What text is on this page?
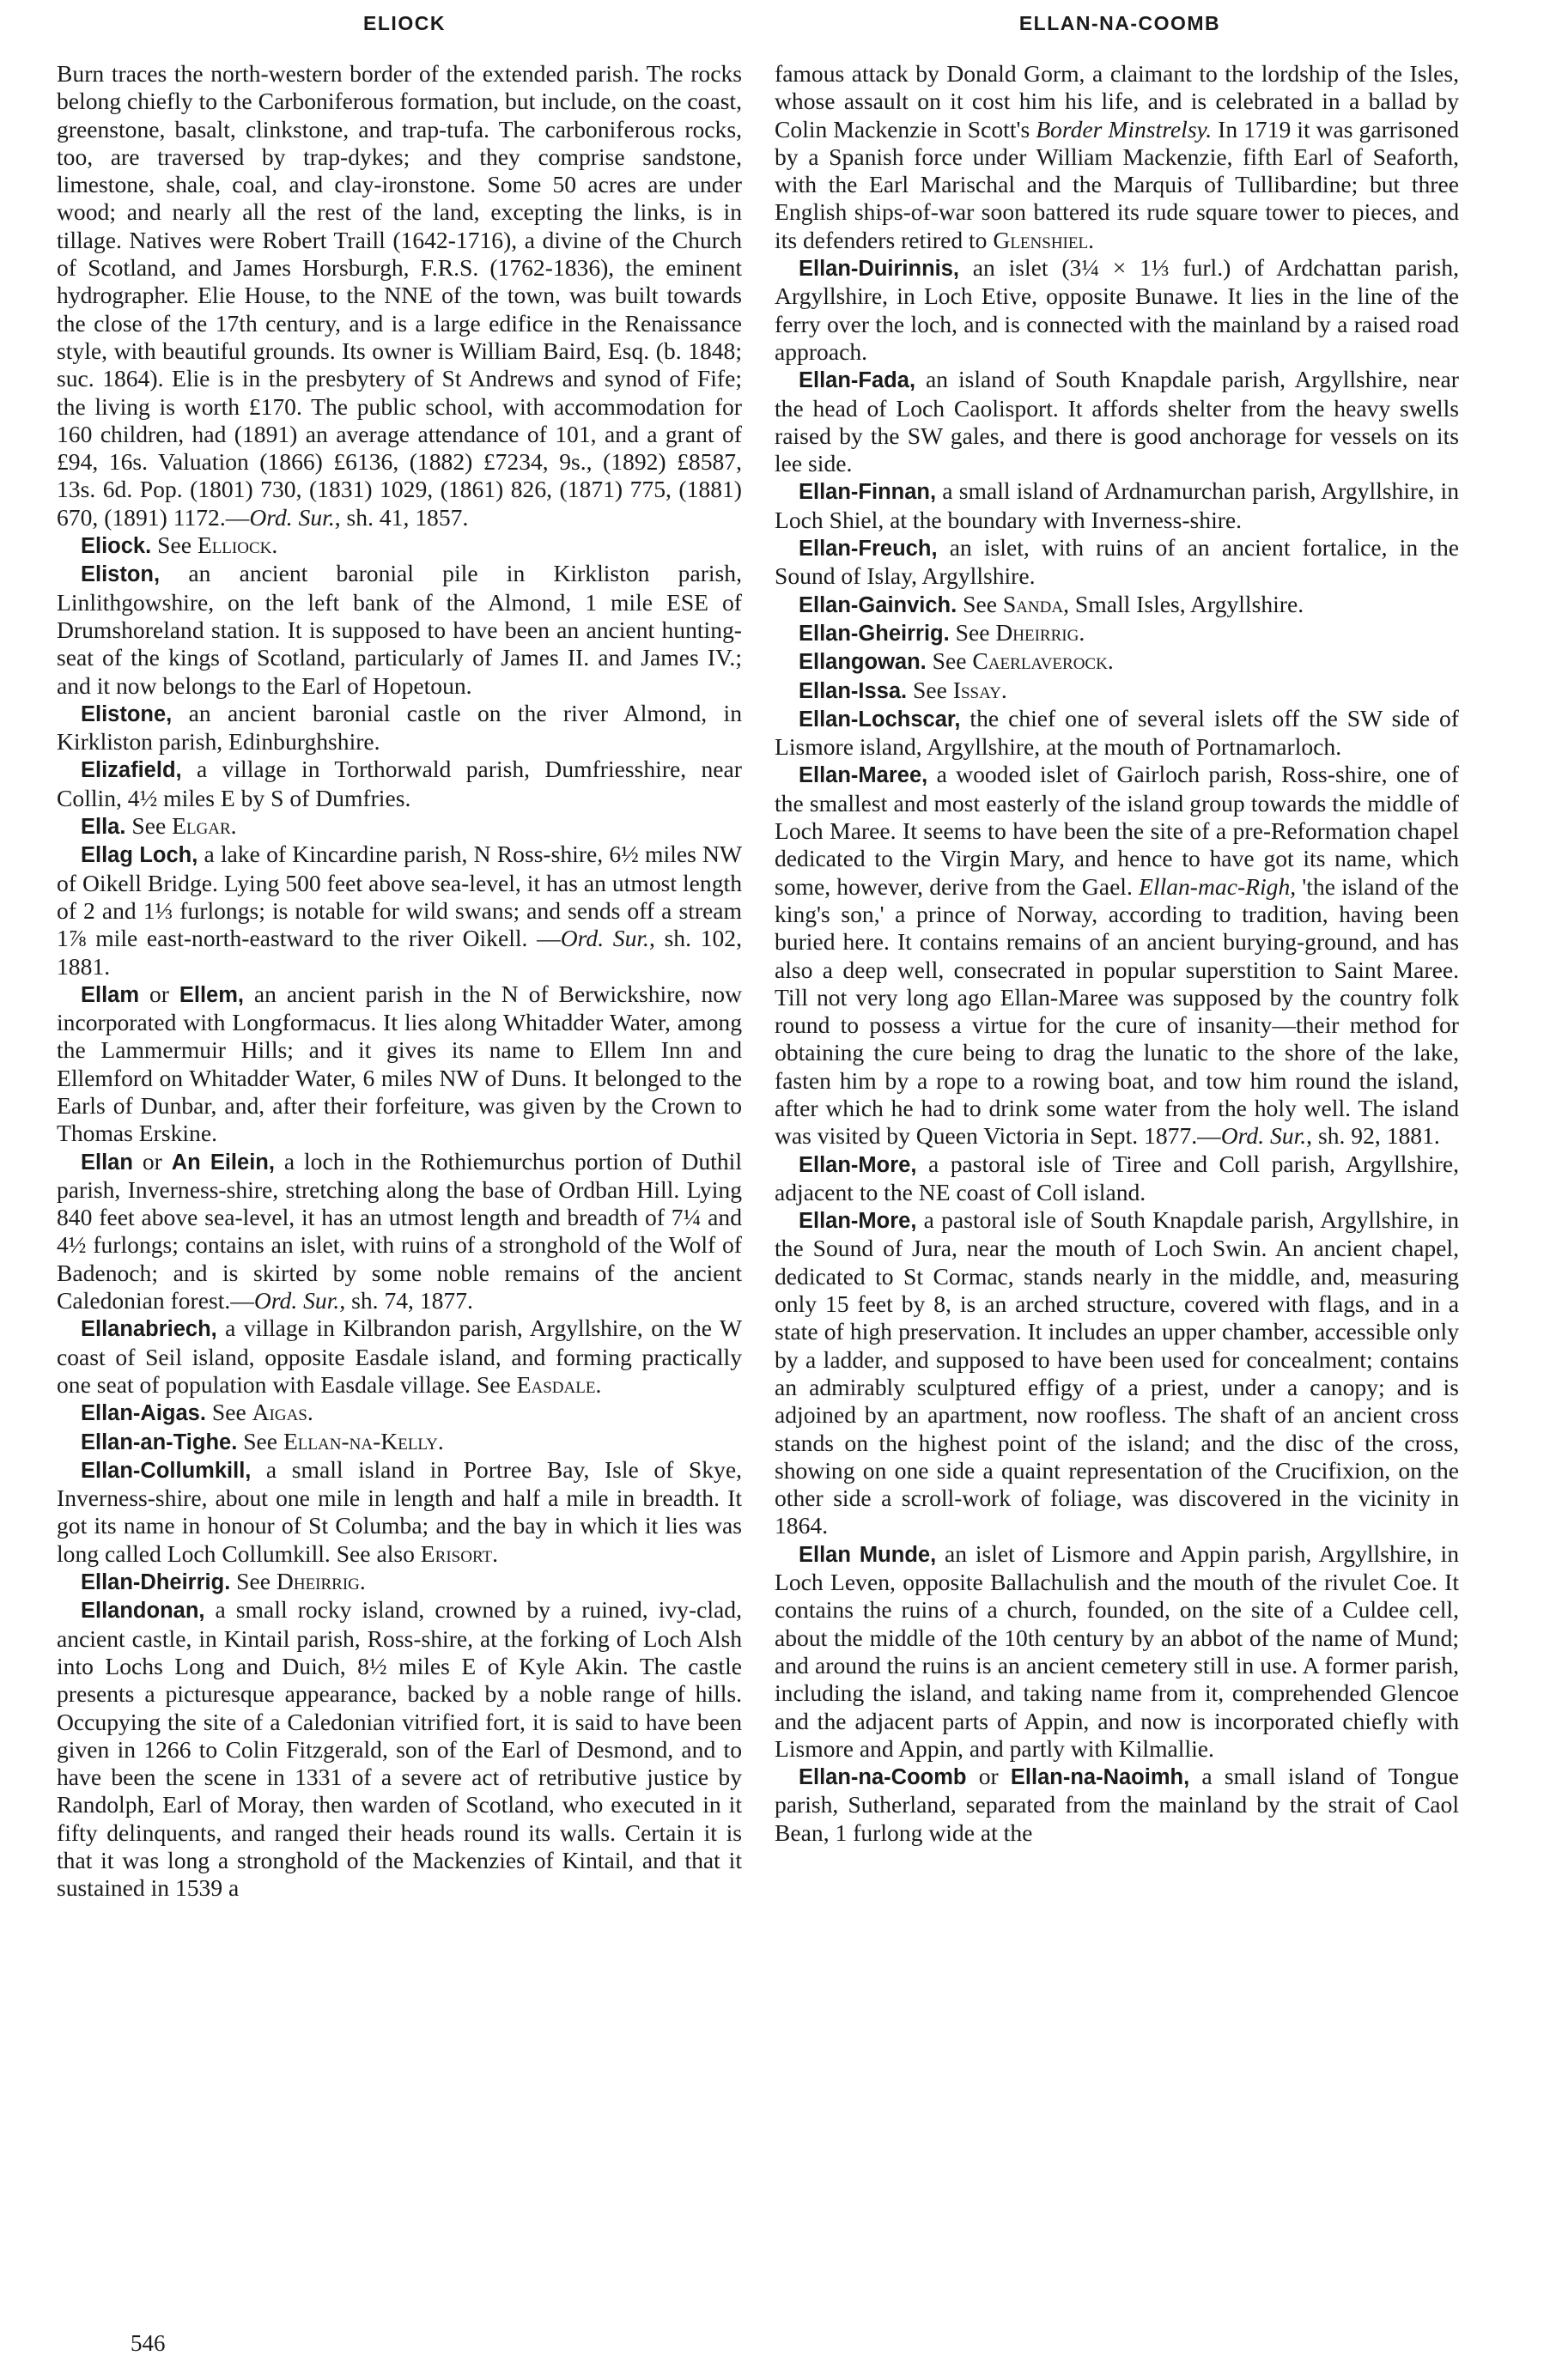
ELIOCK	ELLAN-NA-COOMB

Burn traces the north-western border of the extended parish. The rocks belong chiefly to the Carboniferous formation, but include, on the coast, greenstone, basalt, clinkstone, and trap-tufa. The carboniferous rocks, too, are traversed by trap-dykes; and they comprise sandstone, limestone, shale, coal, and clay-ironstone. Some 50 acres are under wood; and nearly all the rest of the land, excepting the links, is in tillage. Natives were Robert Traill (1642-1716), a divine of the Church of Scotland, and James Horsburgh, F.R.S. (1762-1836), the eminent hydrographer. Elie House, to the NNE of the town, was built towards the close of the 17th century, and is a large edifice in the Renaissance style, with beautiful grounds. Its owner is William Baird, Esq. (b. 1848; suc. 1864). Elie is in the presbytery of St Andrews and synod of Fife; the living is worth £170. The public school, with accommodation for 160 children, had (1891) an average attendance of 101, and a grant of £94, 16s. Valuation (1866) £6136, (1882) £7234, 9s., (1892) £8587, 13s. 6d. Pop. (1801) 730, (1831) 1029, (1861) 826, (1871) 775, (1881) 670, (1891) 1172.—Ord. Sur., sh. 41, 1857.

Eliock. See Elliock.

Eliston, an ancient baronial pile in Kirkliston parish, Linlithgowshire, on the left bank of the Almond, 1 mile ESE of Drumshoreland station. It is supposed to have been an ancient hunting-seat of the kings of Scotland, particularly of James II. and James IV.; and it now belongs to the Earl of Hopetoun.

Elistone, an ancient baronial castle on the river Almond, in Kirkliston parish, Edinburghshire.

Elizafield, a village in Torthorwald parish, Dumfriesshire, near Collin, 4½ miles E by S of Dumfries.

Ella. See Elgar.

Ellag Loch, a lake of Kincardine parish, N Ross-shire, 6½ miles NW of Oikell Bridge. Lying 500 feet above sea-level, it has an utmost length of 2 and 1⅓ furlongs; is notable for wild swans; and sends off a stream 1⅞ mile east-north-eastward to the river Oikell. —Ord. Sur., sh. 102, 1881.

Ellam or Ellem, an ancient parish in the N of Berwickshire, now incorporated with Longformacus. It lies along Whitadder Water, among the Lammermuir Hills; and it gives its name to Ellem Inn and Ellemford on Whitadder Water, 6 miles NW of Duns. It belonged to the Earls of Dunbar, and, after their forfeiture, was given by the Crown to Thomas Erskine.

Ellan or An Eilein, a loch in the Rothiemurchus portion of Duthil parish, Inverness-shire, stretching along the base of Ordban Hill. Lying 840 feet above sea-level, it has an utmost length and breadth of 7¼ and 4½ furlongs; contains an islet, with ruins of a stronghold of the Wolf of Badenoch; and is skirted by some noble remains of the ancient Caledonian forest.—Ord. Sur., sh. 74, 1877.

Ellanabriech, a village in Kilbrandon parish, Argyllshire, on the W coast of Seil island, opposite Easdale island, and forming practically one seat of population with Easdale village. See Easdale.

Ellan-Aigas. See Aigas.

Ellan-an-Tighe. See Ellan-na-Kelly.

Ellan-Collumkill, a small island in Portree Bay, Isle of Skye, Inverness-shire, about one mile in length and half a mile in breadth. It got its name in honour of St Columba; and the bay in which it lies was long called Loch Collumkill. See also Erisort.

Ellan-Dheirrig. See Dheirrig.

Ellandonan, a small rocky island, crowned by a ruined, ivy-clad, ancient castle, in Kintail parish, Ross-shire, at the forking of Loch Alsh into Lochs Long and Duich, 8½ miles E of Kyle Akin. The castle presents a picturesque appearance, backed by a noble range of hills. Occupying the site of a Caledonian vitrified fort, it is said to have been given in 1266 to Colin Fitzgerald, son of the Earl of Desmond, and to have been the scene in 1331 of a severe act of retributive justice by Randolph, Earl of Moray, then warden of Scotland, who executed in it fifty delinquents, and ranged their heads round its walls. Certain it is that it was long a stronghold of the Mackenzies of Kintail, and that it sustained in 1539 a

famous attack by Donald Gorm, a claimant to the lordship of the Isles, whose assault on it cost him his life, and is celebrated in a ballad by Colin Mackenzie in Scott's Border Minstrelsy. In 1719 it was garrisoned by a Spanish force under William Mackenzie, fifth Earl of Seaforth, with the Earl Marischal and the Marquis of Tullibardine; but three English ships-of-war soon battered its rude square tower to pieces, and its defenders retired to Glenshiel.

Ellan-Duirinnis, an islet (3¼ × 1⅓ furl.) of Ardchattan parish, Argyllshire, in Loch Etive, opposite Bunawe. It lies in the line of the ferry over the loch, and is connected with the mainland by a raised road approach.

Ellan-Fada, an island of South Knapdale parish, Argyllshire, near the head of Loch Caolisport. It affords shelter from the heavy swells raised by the SW gales, and there is good anchorage for vessels on its lee side.

Ellan-Finnan, a small island of Ardnamurchan parish, Argyllshire, in Loch Shiel, at the boundary with Inverness-shire.

Ellan-Freuch, an islet, with ruins of an ancient fortalice, in the Sound of Islay, Argyllshire.

Ellan-Gainvich. See Sanda, Small Isles, Argyllshire.

Ellan-Gheirrig. See Dheirrig.

Ellangowan. See Caerlaverock.

Ellan-Issa. See Issay.

Ellan-Lochscar, the chief one of several islets off the SW side of Lismore island, Argyllshire, at the mouth of Portnamarloch.

Ellan-Maree, a wooded islet of Gairloch parish, Ross-shire, one of the smallest and most easterly of the island group towards the middle of Loch Maree. It seems to have been the site of a pre-Reformation chapel dedicated to the Virgin Mary, and hence to have got its name, which some, however, derive from the Gael. Ellan-mac-Righ, 'the island of the king's son,' a prince of Norway, according to tradition, having been buried here. It contains remains of an ancient burying-ground, and has also a deep well, consecrated in popular superstition to Saint Maree. Till not very long ago Ellan-Maree was supposed by the country folk round to possess a virtue for the cure of insanity—their method for obtaining the cure being to drag the lunatic to the shore of the lake, fasten him by a rope to a rowing boat, and tow him round the island, after which he had to drink some water from the holy well. The island was visited by Queen Victoria in Sept. 1877.—Ord. Sur., sh. 92, 1881.

Ellan-More, a pastoral isle of Tiree and Coll parish, Argyllshire, adjacent to the NE coast of Coll island.

Ellan-More, a pastoral isle of South Knapdale parish, Argyllshire, in the Sound of Jura, near the mouth of Loch Swin. An ancient chapel, dedicated to St Cormac, stands nearly in the middle, and, measuring only 15 feet by 8, is an arched structure, covered with flags, and in a state of high preservation. It includes an upper chamber, accessible only by a ladder, and supposed to have been used for concealment; contains an admirably sculptured effigy of a priest, under a canopy; and is adjoined by an apartment, now roofless. The shaft of an ancient cross stands on the highest point of the island; and the disc of the cross, showing on one side a quaint representation of the Crucifixion, on the other side a scroll-work of foliage, was discovered in the vicinity in 1864.

Ellan Munde, an islet of Lismore and Appin parish, Argyllshire, in Loch Leven, opposite Ballachulish and the mouth of the rivulet Coe. It contains the ruins of a church, founded, on the site of a Culdee cell, about the middle of the 10th century by an abbot of the name of Mund; and around the ruins is an ancient cemetery still in use. A former parish, including the island, and taking name from it, comprehended Glencoe and the adjacent parts of Appin, and now is incorporated chiefly with Lismore and Appin, and partly with Kilmallie.

Ellan-na-Coomb or Ellan-na-Naoimh, a small island of Tongue parish, Sutherland, separated from the mainland by the strait of Caol Bean, 1 furlong wide at the

546
